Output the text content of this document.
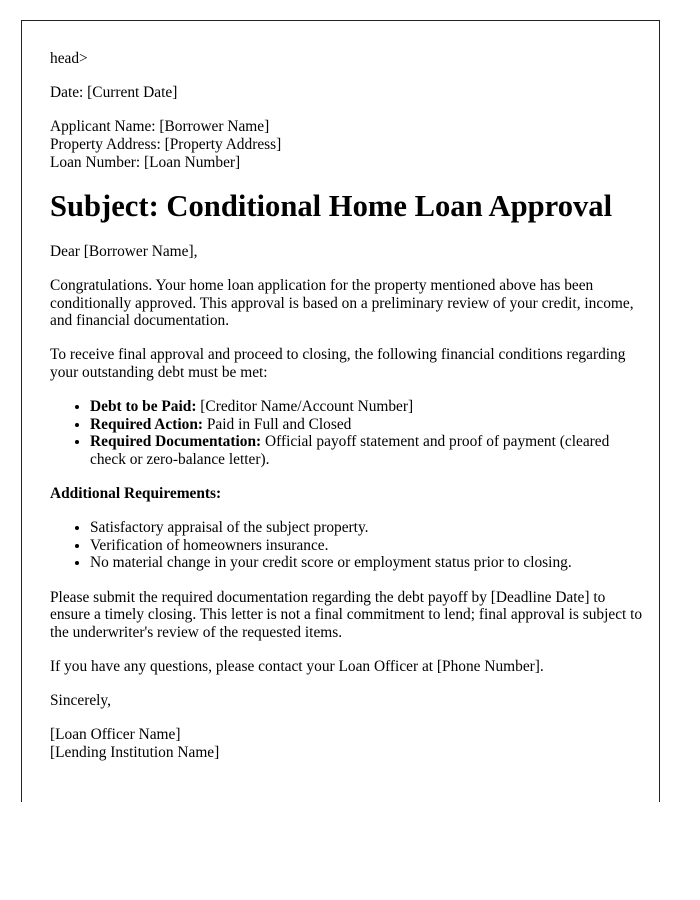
head>

Date: [Current Date]

Applicant Name: [Borrower Name]

Property Address: [Property Address]

Loan Number: [Loan Number]

Subject: Conditional Home Loan Approval

Dear [Borrower Name],

Congratulations. Your home loan application for the property mentioned above has been conditionally approved. This approval is based on a preliminary review of your credit, income, and financial documentation.

To receive final approval and proceed to closing, the following financial conditions regarding your outstanding debt must be met:

• Debt to be Paid: [Creditor Name/Account Number]
• Required Action: Paid in Full and Closed
• Required Documentation: Official payoff statement and proof of payment (cleared check or zero-balance letter).

Additional Requirements:

• Satisfactory appraisal of the subject property.
• Verification of homeowners insurance.
• No material change in your credit score or employment status prior to closing.

Please submit the required documentation regarding the debt payoff by [Deadline Date] to ensure a timely closing. This letter is not a final commitment to lend; final approval is subject to the underwriter's review of the requested items.

If you have any questions, please contact your Loan Officer at [Phone Number].

Sincerely,

[Loan Officer Name]

[Lending Institution Name]
